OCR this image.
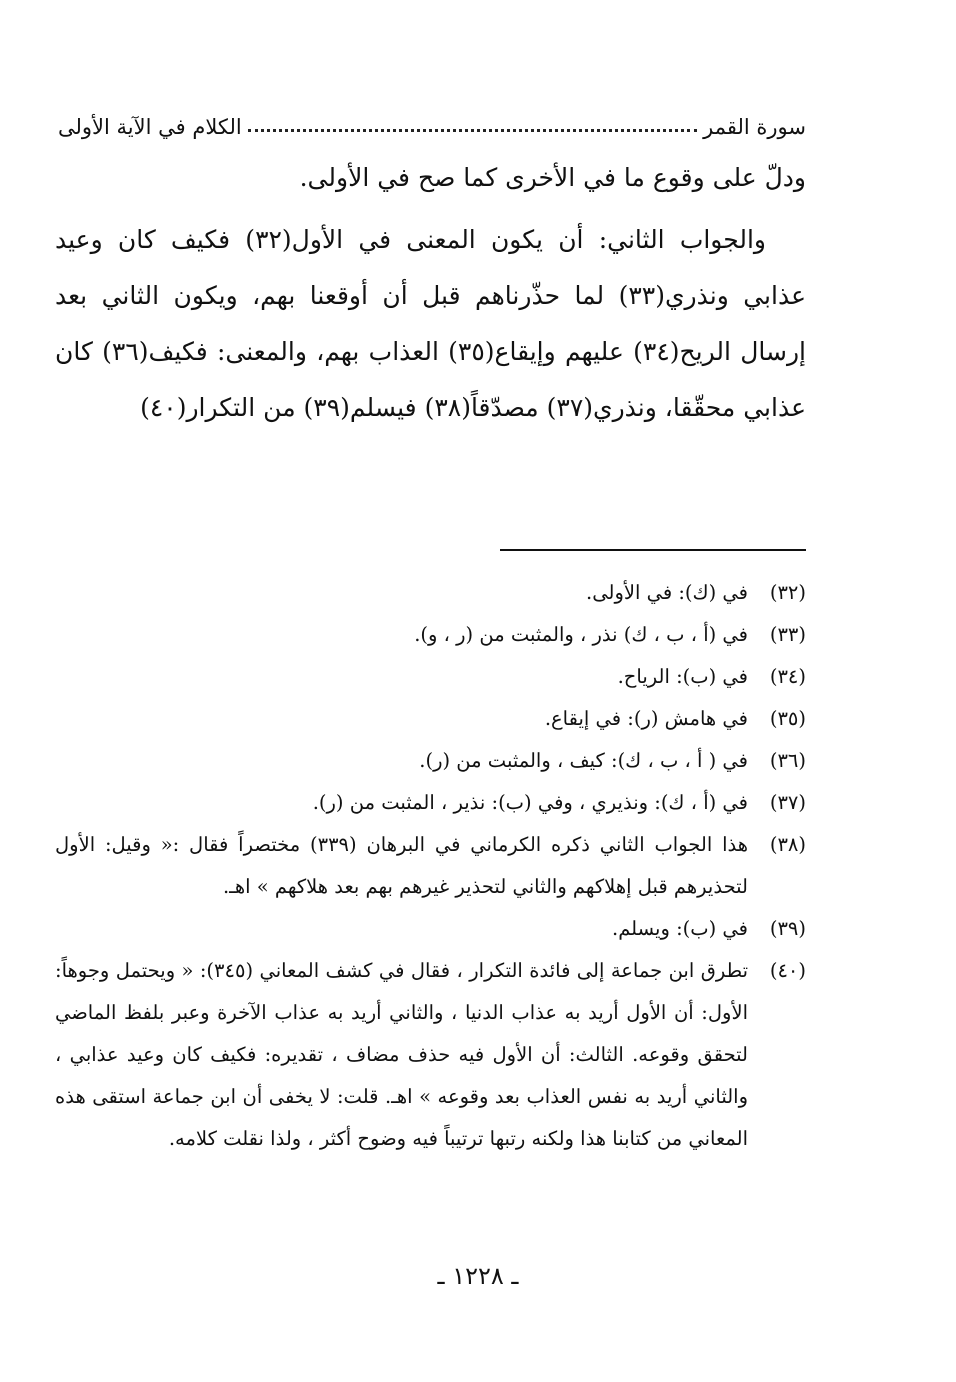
سورة القمر
الكلام في الآية الأولى

ودلّ على وقوع ما في الأخرى كما صح في الأولى.

والجواب الثاني: أن يكون المعنى في الأول(٣٢) فكيف كان وعيد عذابي ونذري(٣٣) لما حذّرناهم قبل أن أوقعنا بهم، ويكون الثاني بعد إرسال الريح(٣٤) عليهم وإيقاع(٣٥) العذاب بهم، والمعنى: فكيف(٣٦) كان عذابي محقّقا، ونذري(٣٧) مصدّقاً(٣٨) فيسلم(٣٩) من التكرار(٤٠)

(٣٢)
في (ك): في الأولى.
(٣٣)
في (أ ، ب ، ك) نذر ، والمثبت من (ر ، و).
(٣٤)
في (ب): الرياح.
(٣٥)
في هامش (ر): في إيقاع.
(٣٦)
في ( أ ، ب ، ك): كيف ، والمثبت من (ر).
(٣٧)
في (أ ، ك): ونذيري ، وفي (ب): نذير ، المثبت من (ر).
(٣٨)
هذا الجواب الثاني ذكره الكرماني في البرهان (٣٣٩) مختصراً فقال :« وقيل: الأول لتحذيرهم قبل إهلاكهم والثاني لتحذير غيرهم بهم بعد هلاكهم » اهـ.
(٣٩)
في (ب): ويسلم.
(٤٠)
تطرق ابن جماعة إلى فائدة التكرار ، فقال في كشف المعاني (٣٤٥): « ويحتمل وجوهاً: الأول: أن الأول أريد به عذاب الدنيا ، والثاني أريد به عذاب الآخرة وعبر بلفظ الماضي لتحقق وقوعه. الثالث: أن الأول فيه حذف مضاف ، تقديره: فكيف كان وعيد عذابي ، والثاني أريد به نفس العذاب بعد وقوعه » اهـ. قلت: لا يخفى أن ابن جماعة استقى هذه المعاني من كتابنا هذا ولكنه رتبها ترتيباً فيه وضوح أكثر ، ولذا نقلت كلامه.
ـ ١٢٢٨ ـ
